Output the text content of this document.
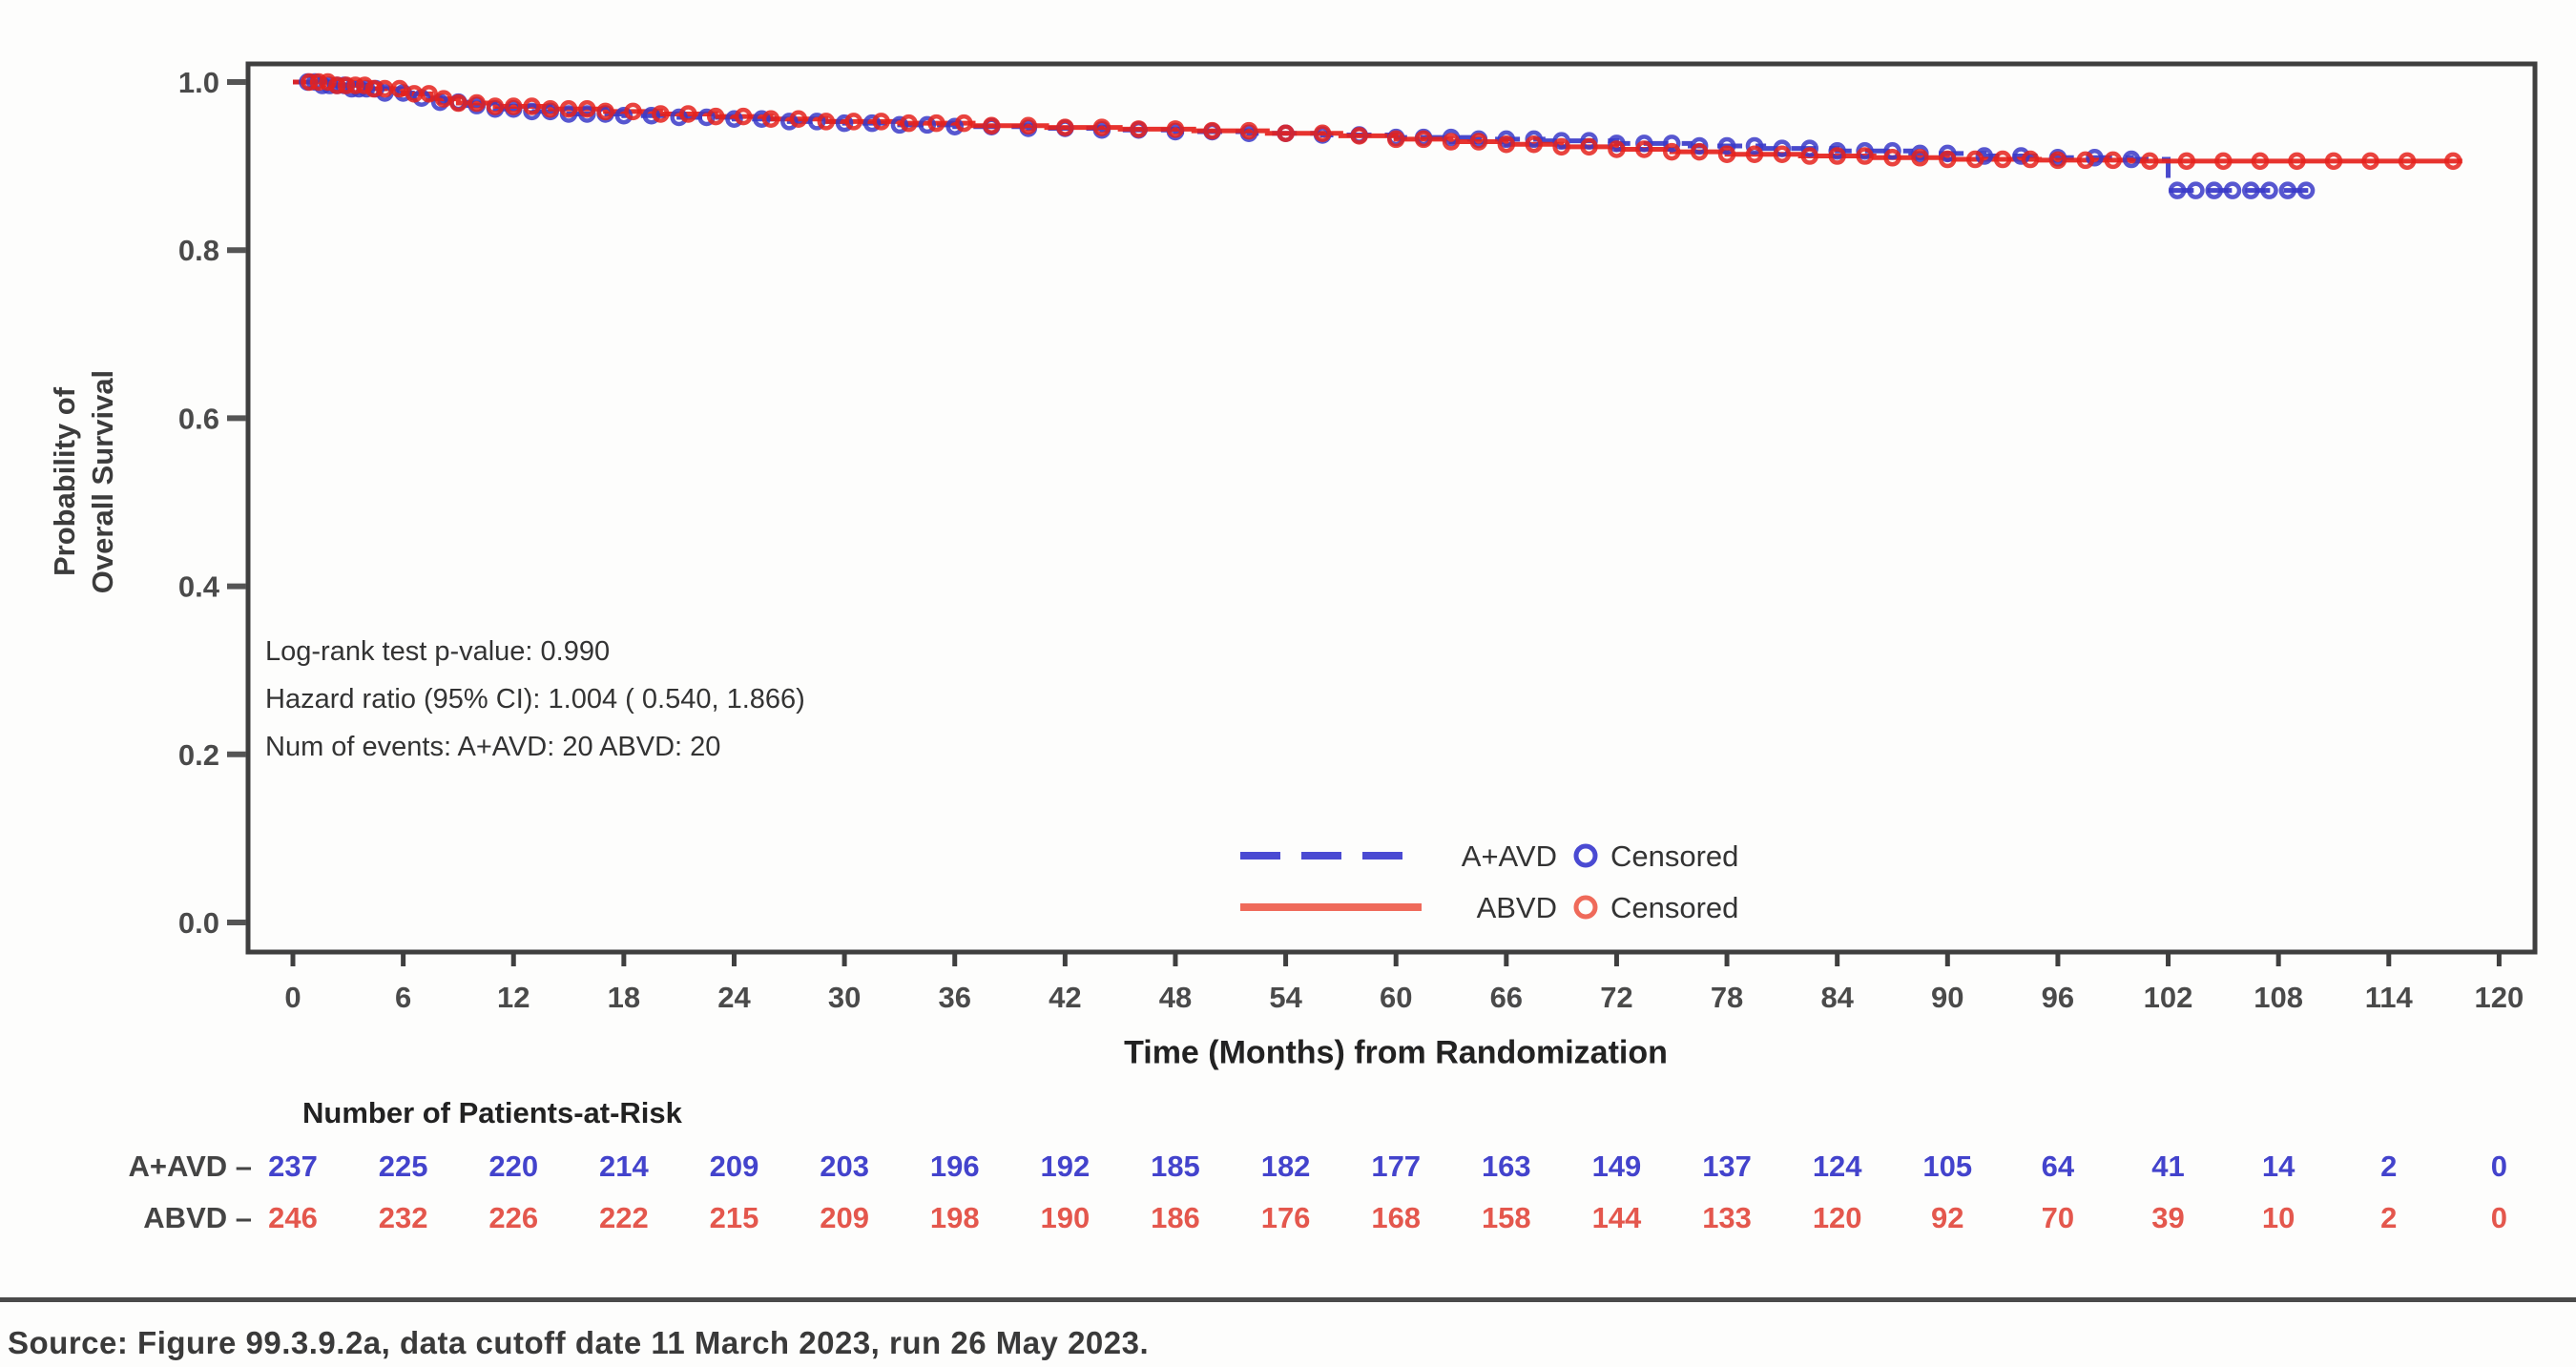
1.0
0.8
0.6
0.4
0.2
0.0
0	6	12	18	24	30	36	42	48	54	60	66	72	78	84	90	96 102 108 114 120
A+AVD Censored
ABVD Censored
A+AVD – 237 225 220 214 209 203 196 192 185 182 177 163 149 137 124 105 64	41	14	2	0
ABVD – 246 232 226 222 215 209 198 190 186 176 168 158 144 133 120 92	70	39	10	2	0
Probability of Overall Survival
Log-rank test p-value: 0.990
Hazard ratio (95% CI): 1.004 ( 0.540, 1.866)
Num of events: A+AVD: 20 ABVD: 20
Time (Months) from Randomization
Number of Patients-at-Risk
Source: Figure 99.3.9.2a, data cutoff date 11 March 2023, run 26 May 2023.
